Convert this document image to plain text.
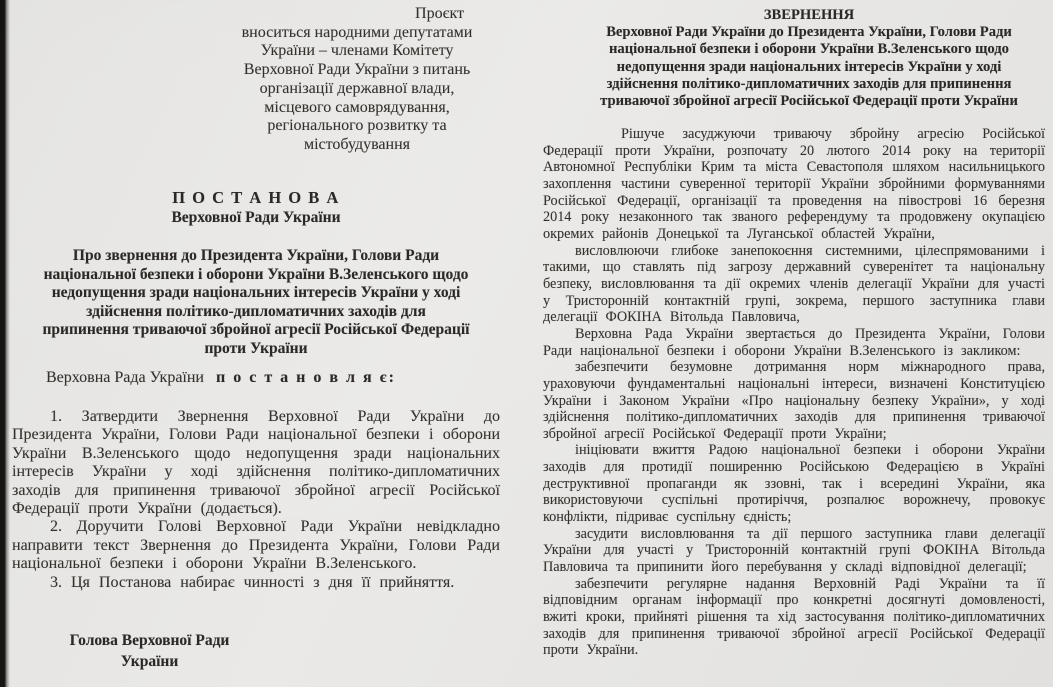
Проєкт
вноситься народними депутатами
України – членами Комітету
Верховної Ради України з питань
організації державної влади,
місцевого самоврядування,
регіонального розвитку та
містобудування
П О С Т А Н О В А
Верховної Ради України
Про звернення до Президента України, Голови Ради
національної безпеки і оборони України В.Зеленського щодо
недопущення зради національних інтересів України у ході
здійснення політико-дипломатичних заходів для
припинення триваючої збройної агресії Російської Федерації
проти України
Верховна Рада України п о с т а н о в л я є:

1. Затвердити Звернення Верховної Ради України до Президента України, Голови Ради національної безпеки і оборони України В.Зеленського щодо недопущення зради національних інтересів України у ході здійснення політико-дипломатичних заходів для припинення триваючої збройної агресії Російської Федерації проти України (додається).

2. Доручити Голові Верховної Ради України невідкладно направити текст Звернення до Президента України, Голови Ради національної безпеки і оборони України В.Зеленського.

3. Ця Постанова набирає чинності з дня її прийняття.

Голова Верховної Ради
України
ЗВЕРНЕННЯ
Верховної Ради України до Президента України, Голови Ради
національної безпеки і оборони України В.Зеленського щодо
недопущення зради національних інтересів України у ході
здійснення політико-дипломатичних заходів для припинення
триваючої збройної агресії Російської Федерації проти України

Рішуче засуджуючи триваючу збройну агресію Російської Федерації проти України, розпочату 20 лютого 2014 року на території Автономної Республіки Крим та міста Севастополя шляхом насильницького захоплення частини суверенної території України збройними формуваннями Російської Федерації, організації та проведення на півострові 16 березня 2014 року незаконного так званого референдуму та продовжену окупацією окремих районів Донецької та Луганської областей України,

висловлюючи глибоке занепокоєння системними, цілеспрямованими і такими, що ставлять під загрозу державний суверенітет та національну безпеку, висловлювання та дії окремих членів делегації України для участі у Тристоронній контактній групі, зокрема, першого заступника глави делегації ФОКІНА Вітольда Павловича,

Верховна Рада України звертається до Президента України, Голови Ради національної безпеки і оборони України В.Зеленського із закликом:

забезпечити безумовне дотримання норм міжнародного права, ураховуючи фундаментальні національні інтереси, визначені Конституцією України і Законом України «Про національну безпеку України», у ході здійснення політико-дипломатичних заходів для припинення триваючої збройної агресії Російської Федерації проти України;

ініціювати вжиття Радою національної безпеки і оборони України заходів для протидії поширенню Російською Федерацією в Україні деструктивної пропаганди як ззовні, так і всередині України, яка використовуючи суспільні протиріччя, розпалює ворожнечу, провокує конфлікти, підриває суспільну єдність;

засудити висловлювання та дії першого заступника глави делегації України для участі у Тристоронній контактній групі ФОКІНА Вітольда Павловича та припинити його перебування у складі відповідної делегації;

забезпечити регулярне надання Верховній Раді України та її відповідним органам інформації про конкретні досягнуті домовленості, вжиті кроки, прийняті рішення та хід застосування політико-дипломатичних заходів для припинення триваючої збройної агресії Російської Федерації проти України.
